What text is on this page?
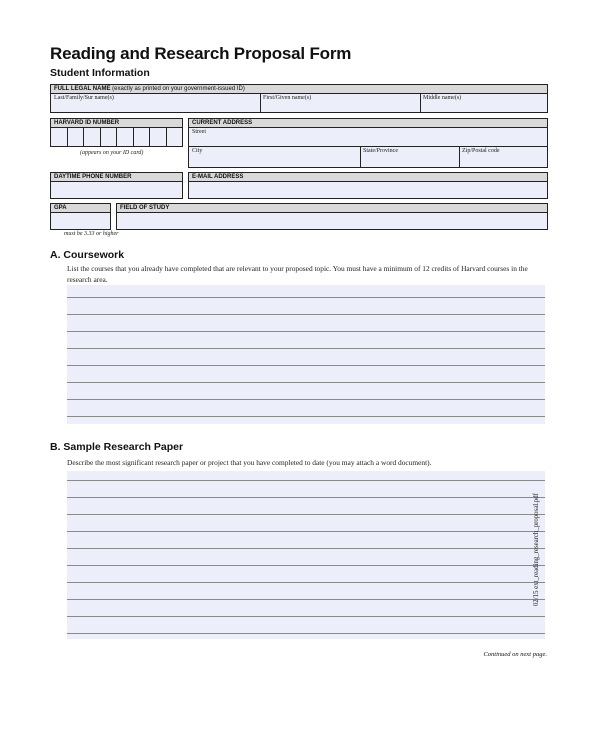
Reading and Research Proposal Form
Student Information
FULL LEGAL NAME (exactly as printed on your government-issued ID)
Last/Family/Sur name(s)	First/Given name(s)	Middle name(s)
HARVARD ID NUMBER
(appears on your ID card)
CURRENT ADDRESS
Street
City	State/Province	Zip/Postal code
DAYTIME PHONE NUMBER	E-MAIL ADDRESS
GPA
must be 3.33 or higher
FIELD OF STUDY
A. Coursework
List the courses that you already have completed that are relevant to your proposed topic. You must have a minimum of 12 credits of Harvard courses in the research area.
B. Sample Research Paper
Describe the most significant research paper or project that you have completed to date (you may attach a word document).
Continued on next page.
02/15 ext_reading_research_proposal.pdf
